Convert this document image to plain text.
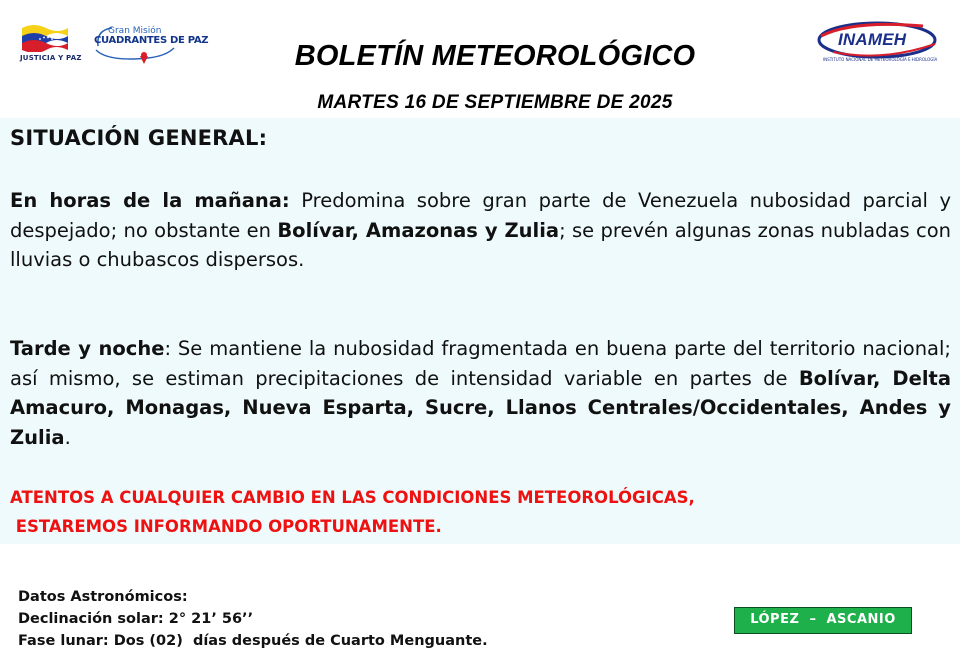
JUSTICIA Y PAZ
Gran Misión
CUADRANTES DE PAZ	INAMEH
INSTITUTO NACIONAL DE METEOROLOGÍA E HIDROLOGÍA
BOLETÍN METEOROLÓGICO
MARTES 16 DE SEPTIEMBRE DE 2025
SITUACIÓN GENERAL:
En horas de la mañana: Predomina sobre gran parte de Venezuela nubosidad parcial y despejado; no obstante en Bolívar, Amazonas y Zulia; se prevén algunas zonas nubladas con lluvias o chubascos dispersos.
Tarde y noche: Se mantiene la nubosidad fragmentada en buena parte del territorio nacional; así mismo, se estiman precipitaciones de intensidad variable en partes de Bolívar, Delta Amacuro, Monagas, Nueva Esparta, Sucre, Llanos Centrales/Occidentales, Andes y Zulia.
ATENTOS A CUALQUIER CAMBIO EN LAS CONDICIONES METEOROLÓGICAS,
ESTAREMOS INFORMANDO OPORTUNAMENTE.
Datos Astronómicos:
Declinación solar: 2° 21’ 56’’
Fase lunar: Dos (02)  días después de Cuarto Menguante.
LÓPEZ  –  ASCANIO
